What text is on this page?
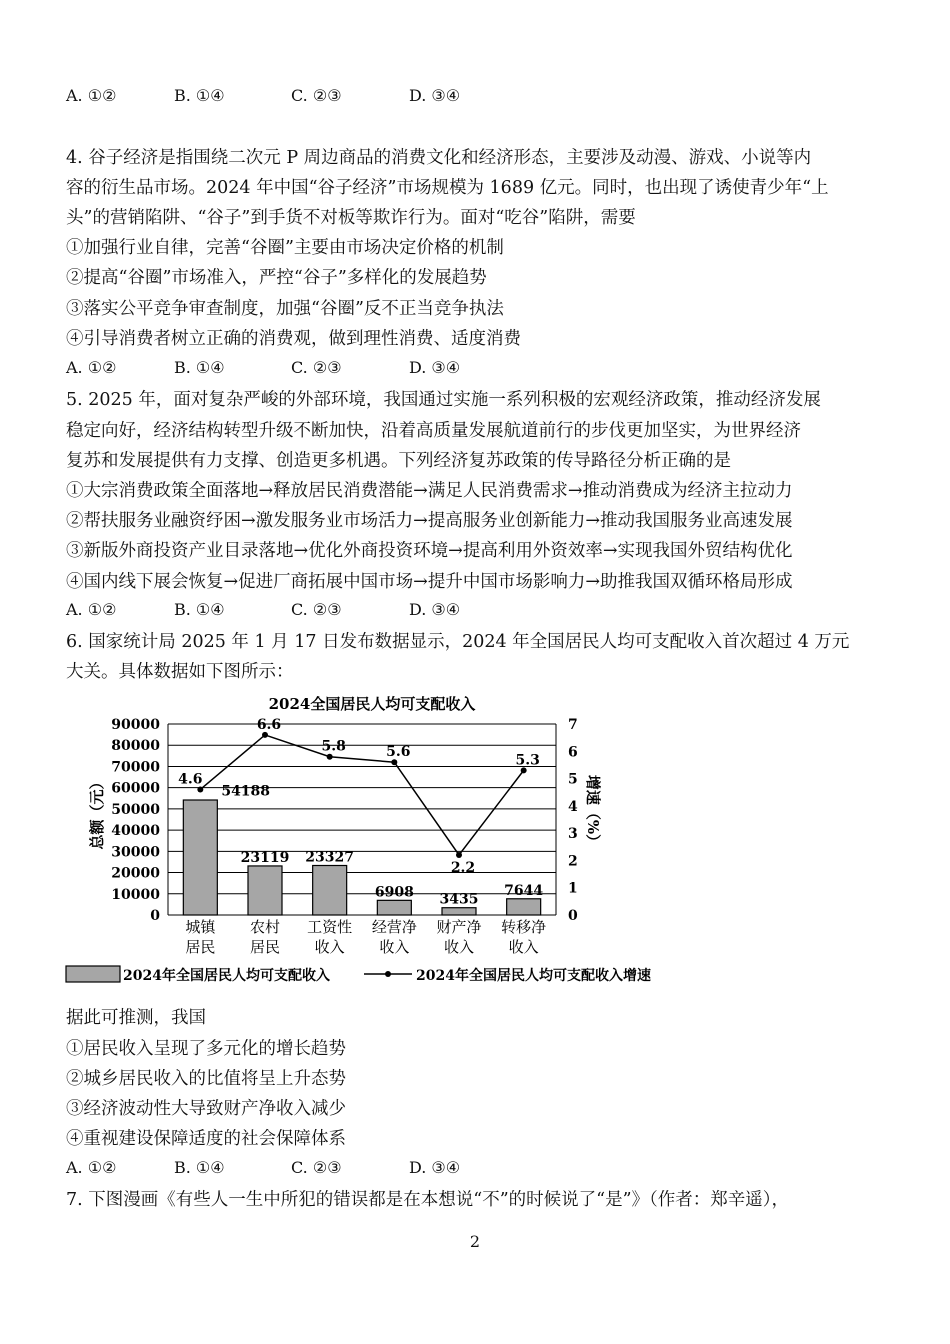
A. ①②	B. ①④	C. ②③	D. ③④

4. 谷子经济是指围绕二次元 P 周边商品的消费文化和经济形态，主要涉及动漫、游戏、小说等内

容的衍生品市场。2024 年中国“谷子经济”市场规模为 1689 亿元。同时，也出现了诱使青少年“上

头”的营销陷阱、“谷子”到手货不对板等欺诈行为。面对“吃谷”陷阱，需要

①加强行业自律，完善“谷圈”主要由市场决定价格的机制

②提高“谷圈”市场准入，严控“谷子”多样化的发展趋势

③落实公平竞争审查制度，加强“谷圈”反不正当竞争执法

④引导消费者树立正确的消费观，做到理性消费、适度消费

A. ①②	B. ①④	C. ②③	D. ③④

5. 2025 年，面对复杂严峻的外部环境，我国通过实施一系列积极的宏观经济政策，推动经济发展

稳定向好，经济结构转型升级不断加快，沿着高质量发展航道前行的步伐更加坚实，为世界经济

复苏和发展提供有力支撑、创造更多机遇。下列经济复苏政策的传导路径分析正确的是

①大宗消费政策全面落地→释放居民消费潜能→满足人民消费需求→推动消费成为经济主拉动力

②帮扶服务业融资纾困→激发服务业市场活力→提高服务业创新能力→推动我国服务业高速发展

③新版外商投资产业目录落地→优化外商投资环境→提高利用外资效率→实现我国外贸结构优化

④国内线下展会恢复→促进厂商拓展中国市场→提升中国市场影响力→助推我国双循环格局形成

A. ①②	B. ①④	C. ②③	D. ③④

6. 国家统计局 2025 年 1 月 17 日发布数据显示，2024 年全国居民人均可支配收入首次超过 4 万元

大关。具体数据如下图所示：

2024全国居民人均可支配收入
0
10000
20000
30000
40000
50000
60000
70000
80000
90000
0
1
2
3
4
5
6
7
总额（元）	增速（%）
54188
23119 23327
6908 3435
7644
4.6
6.6
5.8	5.6
2.2
5.3
城镇
居民
农村
居民
工资性
收入
经营净
收入
财产净
收入
转移净
收入
2024年全国居民人均可支配收入	2024年全国居民人均可支配收入增速

据此可推测，我国

①居民收入呈现了多元化的增长趋势

②城乡居民收入的比值将呈上升态势

③经济波动性大导致财产净收入减少

④重视建设保障适度的社会保障体系

A. ①②	B. ①④	C. ②③	D. ③④

7. 下图漫画《有些人一生中所犯的错误都是在本想说“不”的时候说了“是”》（作者：郑辛遥），

2
